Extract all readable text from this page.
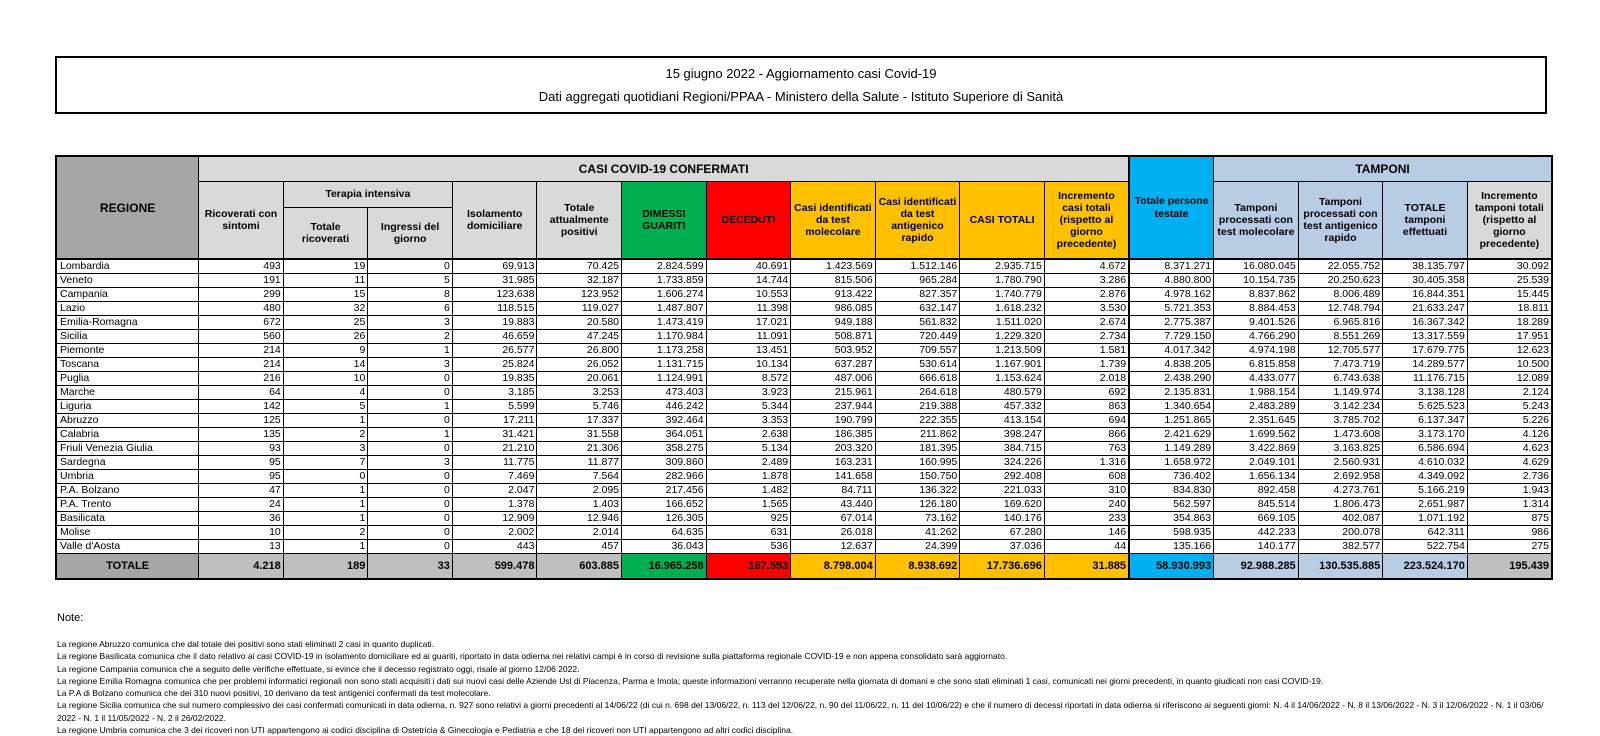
15 giugno 2022 - Aggiornamento casi Covid-19
Dati aggregati quotidiani Regioni/PPAA - Ministero della Salute - Istituto Superiore di Sanità
REGIONE	CASI COVID-19 CONFERMATI											Totale persone testate	TAMPONI			
	Ricoverati con sintomi	Terapia intensiva		Isolamento domiciliare	Totale attualmente positivi	DIMESSI GUARITI	DECEDUTI	Casi identificati da test molecolare	Casi identificati da test antigenico rapido	CASI TOTALI	Incremento casi totali (rispetto al giorno precedente)		Tamponi processati con test molecolare	Tamponi processati con test antigenico rapido	TOTALE tamponi effettuati	Incremento tamponi totali (rispetto al giorno precedente)
		Totale ricoverati	Ingressi del giorno													
Lombardia	493	19	0	69.913	70.425	2.824.599	40.691	1.423.569	1.512.146	2.935.715	4.672	8.371.271	16.080.045	22.055.752	38.135.797	30.092
Veneto	191	11	5	31.985	32.187	1.733.859	14.744	815.506	965.284	1.780.790	3.286	4.880.800	10.154.735	20.250.623	30.405.358	25.539
Campania	299	15	8	123.638	123.952	1.606.274	10.553	913.422	827.357	1.740.779	2.876	4.978.162	8.837.862	8.006.489	16.844.351	15.445
Lazio	480	32	6	118.515	119.027	1.487.807	11.398	986.085	632.147	1.618.232	3.530	5.721.353	8.884.453	12.748.794	21.633.247	18.811
Emilia-Romagna	672	25	3	19.883	20.580	1.473.419	17.021	949.188	561.832	1.511.020	2.674	2.775.387	9.401.526	6.965.816	16.367.342	18.289
Sicilia	560	26	2	46.659	47.245	1.170.984	11.091	508.871	720.449	1.229.320	2.734	7.729.150	4.766.290	8.551.269	13.317.559	17.951
Piemonte	214	9	1	26.577	26.800	1.173.258	13.451	503.952	709.557	1.213.509	1.581	4.017.342	4.974.198	12.705.577	17.679.775	12.623
Toscana	214	14	3	25.824	26.052	1.131.715	10.134	637.287	530.614	1.167.901	1.739	4.838.205	6.815.858	7.473.719	14.289.577	10.500
Puglia	216	10	0	19.835	20.061	1.124.991	8.572	487.006	666.618	1.153.624	2.018	2.438.290	4.433.077	6.743.638	11.176.715	12.089
Marche	64	4	0	3.185	3.253	473.403	3.923	215.961	264.618	480.579	692	2.135.831	1.988.154	1.149.974	3.138.128	2.124
Liguria	142	5	1	5.599	5.746	446.242	5.344	237.944	219.388	457.332	863	1.340.654	2.483.289	3.142.234	5.625.523	5.243
Abruzzo	125	1	0	17.211	17.337	392.464	3.353	190.799	222.355	413.154	694	1.251.865	2.351.645	3.785.702	6.137.347	5.226
Calabria	135	2	1	31.421	31.558	364.051	2.638	186.385	211.862	398.247	866	2.421.629	1.699.562	1.473.608	3.173.170	4.126
Friuli Venezia Giulia	93	3	0	21.210	21.306	358.275	5.134	203.320	181.395	384.715	763	1.149.289	3.422.869	3.163.825	6.586.694	4.623
Sardegna	95	7	3	11.775	11.877	309.860	2.489	163.231	160.995	324.226	1.316	1.658.972	2.049.101	2.560.931	4.610.032	4.629
Umbria	95	0	0	7.469	7.564	282.966	1.878	141.658	150.750	292.408	608	736.402	1.656.134	2.692.958	4.349.092	2.736
P.A. Bolzano	47	1	0	2.047	2.095	217.456	1.482	84.711	136.322	221.033	310	834.830	892.458	4.273.761	5.166.219	1.943
P.A. Trento	24	1	0	1.378	1.403	166.652	1.565	43.440	126.180	169.620	240	562.597	845.514	1.806.473	2.651.987	1.314
Basilicata	36	1	0	12.909	12.946	126.305	925	67.014	73.162	140.176	233	354.863	669.105	402.087	1.071.192	875
Molise	10	2	0	2.002	2.014	64.635	631	26.018	41.262	67.280	146	598.935	442.233	200.078	642.311	986
Valle d'Aosta	13	1	0	443	457	36.043	536	12.637	24.399	37.036	44	135.166	140.177	382.577	522.754	275
TOTALE	4.218	189	33	599.478	603.885	16.965.258	167.553	8.798.004	8.938.692	17.736.696	31.885	58.930.993	92.988.285	130.535.885	223.524.170	195.439
Note:
La regione Abruzzo comunica che dal totale dei positivi sono stati eliminati 2 casi in quanto duplicati.
La regione Basilicata comunica che il dato relativo ai casi COVID-19 in isolamento domiciliare ed ai guariti, riportato in data odierna nei relativi campi è in corso di revisione sulla piattaforma regionale COVID-19 e non appena consolidato sarà aggiornato.
La regione Campania comunica che a seguito delle verifiche effettuate, si evince che il decesso registrato oggi, risale al giorno 12/06 2022.
La regione Emilia Romagna comunica che per problemi informatici regionali non sono stati acquisiti i dati sui nuovi casi delle Aziende Usl di Piacenza, Parma e Imola; queste informazioni verranno recuperate nella giornata di domani e che sono stati eliminati 1 casi, comunicati nei giorni precedenti, in quanto giudicati non casi COVID-19.
La P.A di Bolzano comunica che dei 310 nuovi positivi, 10 derivano da test antigenici confermati da test molecolare.
La regione Sicilia comunica che sul numero complessivo dei casi confermati comunicati in data odierna, n. 927 sono relativi a giorni precedenti al 14/06/22 (di cui n. 698 del 13/06/22, n. 113 del 12/06/22, n. 90 del 11/06/22, n. 11 del 10/06/22) e che il numero di decessi riportati in data odierna si riferiscono ai seguenti giorni: N. 4 il 14/06/2022 - N. 8 il 13/06/2022 - N. 3 il 12/06/2022 - N. 1 il 03/06/
2022 - N. 1 il 11/05/2022 - N. 2 il 26/02/2022.
La regione Umbria comunica che 3 dei ricoveri non UTI appartengono ai codici disciplina di Ostetricia & Ginecologia e Pediatria e che 18 dei ricoveri non UTI appartengono ad altri codici disciplina.
